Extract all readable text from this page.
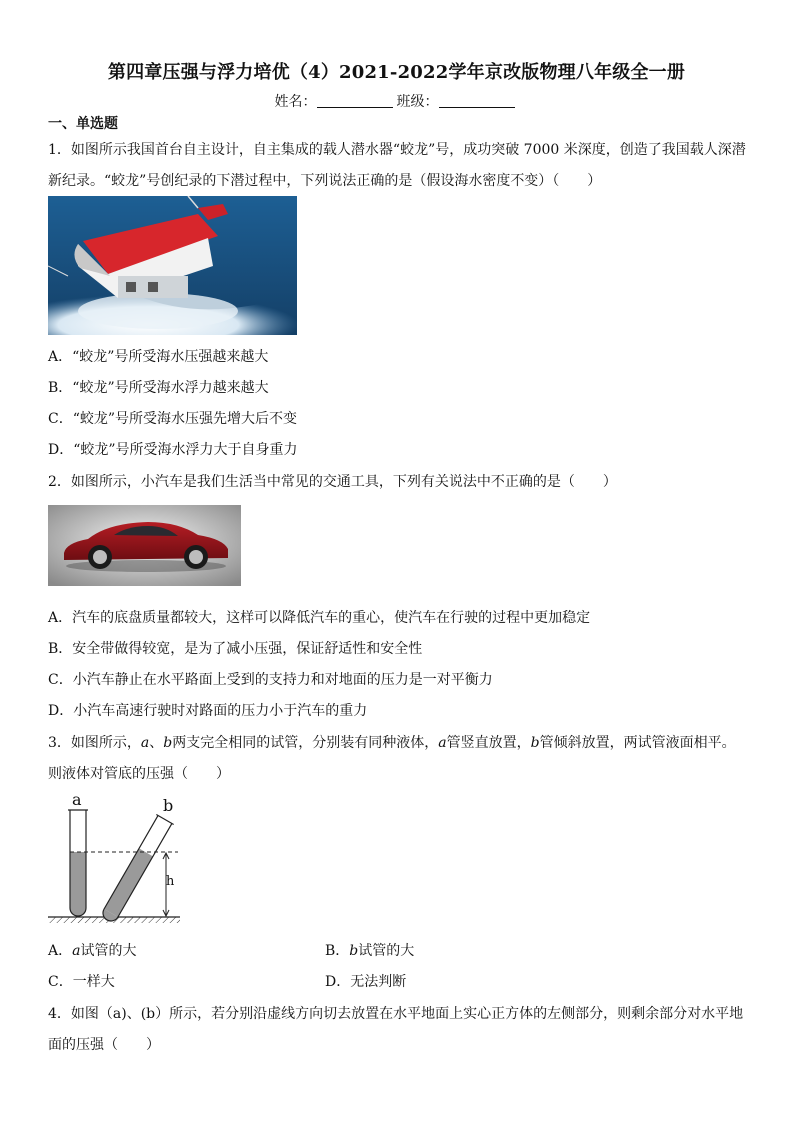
第四章压强与浮力培优（4）2021-2022学年京改版物理八年级全一册
姓名：	班级：
一、单选题
1．如图所示我国首台自主设计，自主集成的载人潜水器“蛟龙”号，成功突破 7000 米深度，创造了我国载人深潜
新纪录。“蛟龙”号创纪录的下潜过程中，下列说法正确的是（假设海水密度不变）（　　）
A．“蛟龙”号所受海水压强越来越大
B．“蛟龙”号所受海水浮力越来越大
C．“蛟龙”号所受海水压强先增大后不变
D．“蛟龙”号所受海水浮力大于自身重力
2．如图所示，小汽车是我们生活当中常见的交通工具，下列有关说法中不正确的是（　　）
A．汽车的底盘质量都较大，这样可以降低汽车的重心，使汽车在行驶的过程中更加稳定
B．安全带做得较宽，是为了减小压强，保证舒适性和安全性
C．小汽车静止在水平路面上受到的支持力和对地面的压力是一对平衡力
D．小汽车高速行驶时对路面的压力小于汽车的重力
3．如图所示，a、b两支完全相同的试管，分别装有同种液体，a管竖直放置，b管倾斜放置，两试管液面相平。
则液体对管底的压强（　　）
a	b
h
A．a试管的大	B．b试管的大
C．一样大	D．无法判断
4．如图（a)、(b）所示，若分别沿虚线方向切去放置在水平地面上实心正方体的左侧部分，则剩余部分对水平地
面的压强（　　）
